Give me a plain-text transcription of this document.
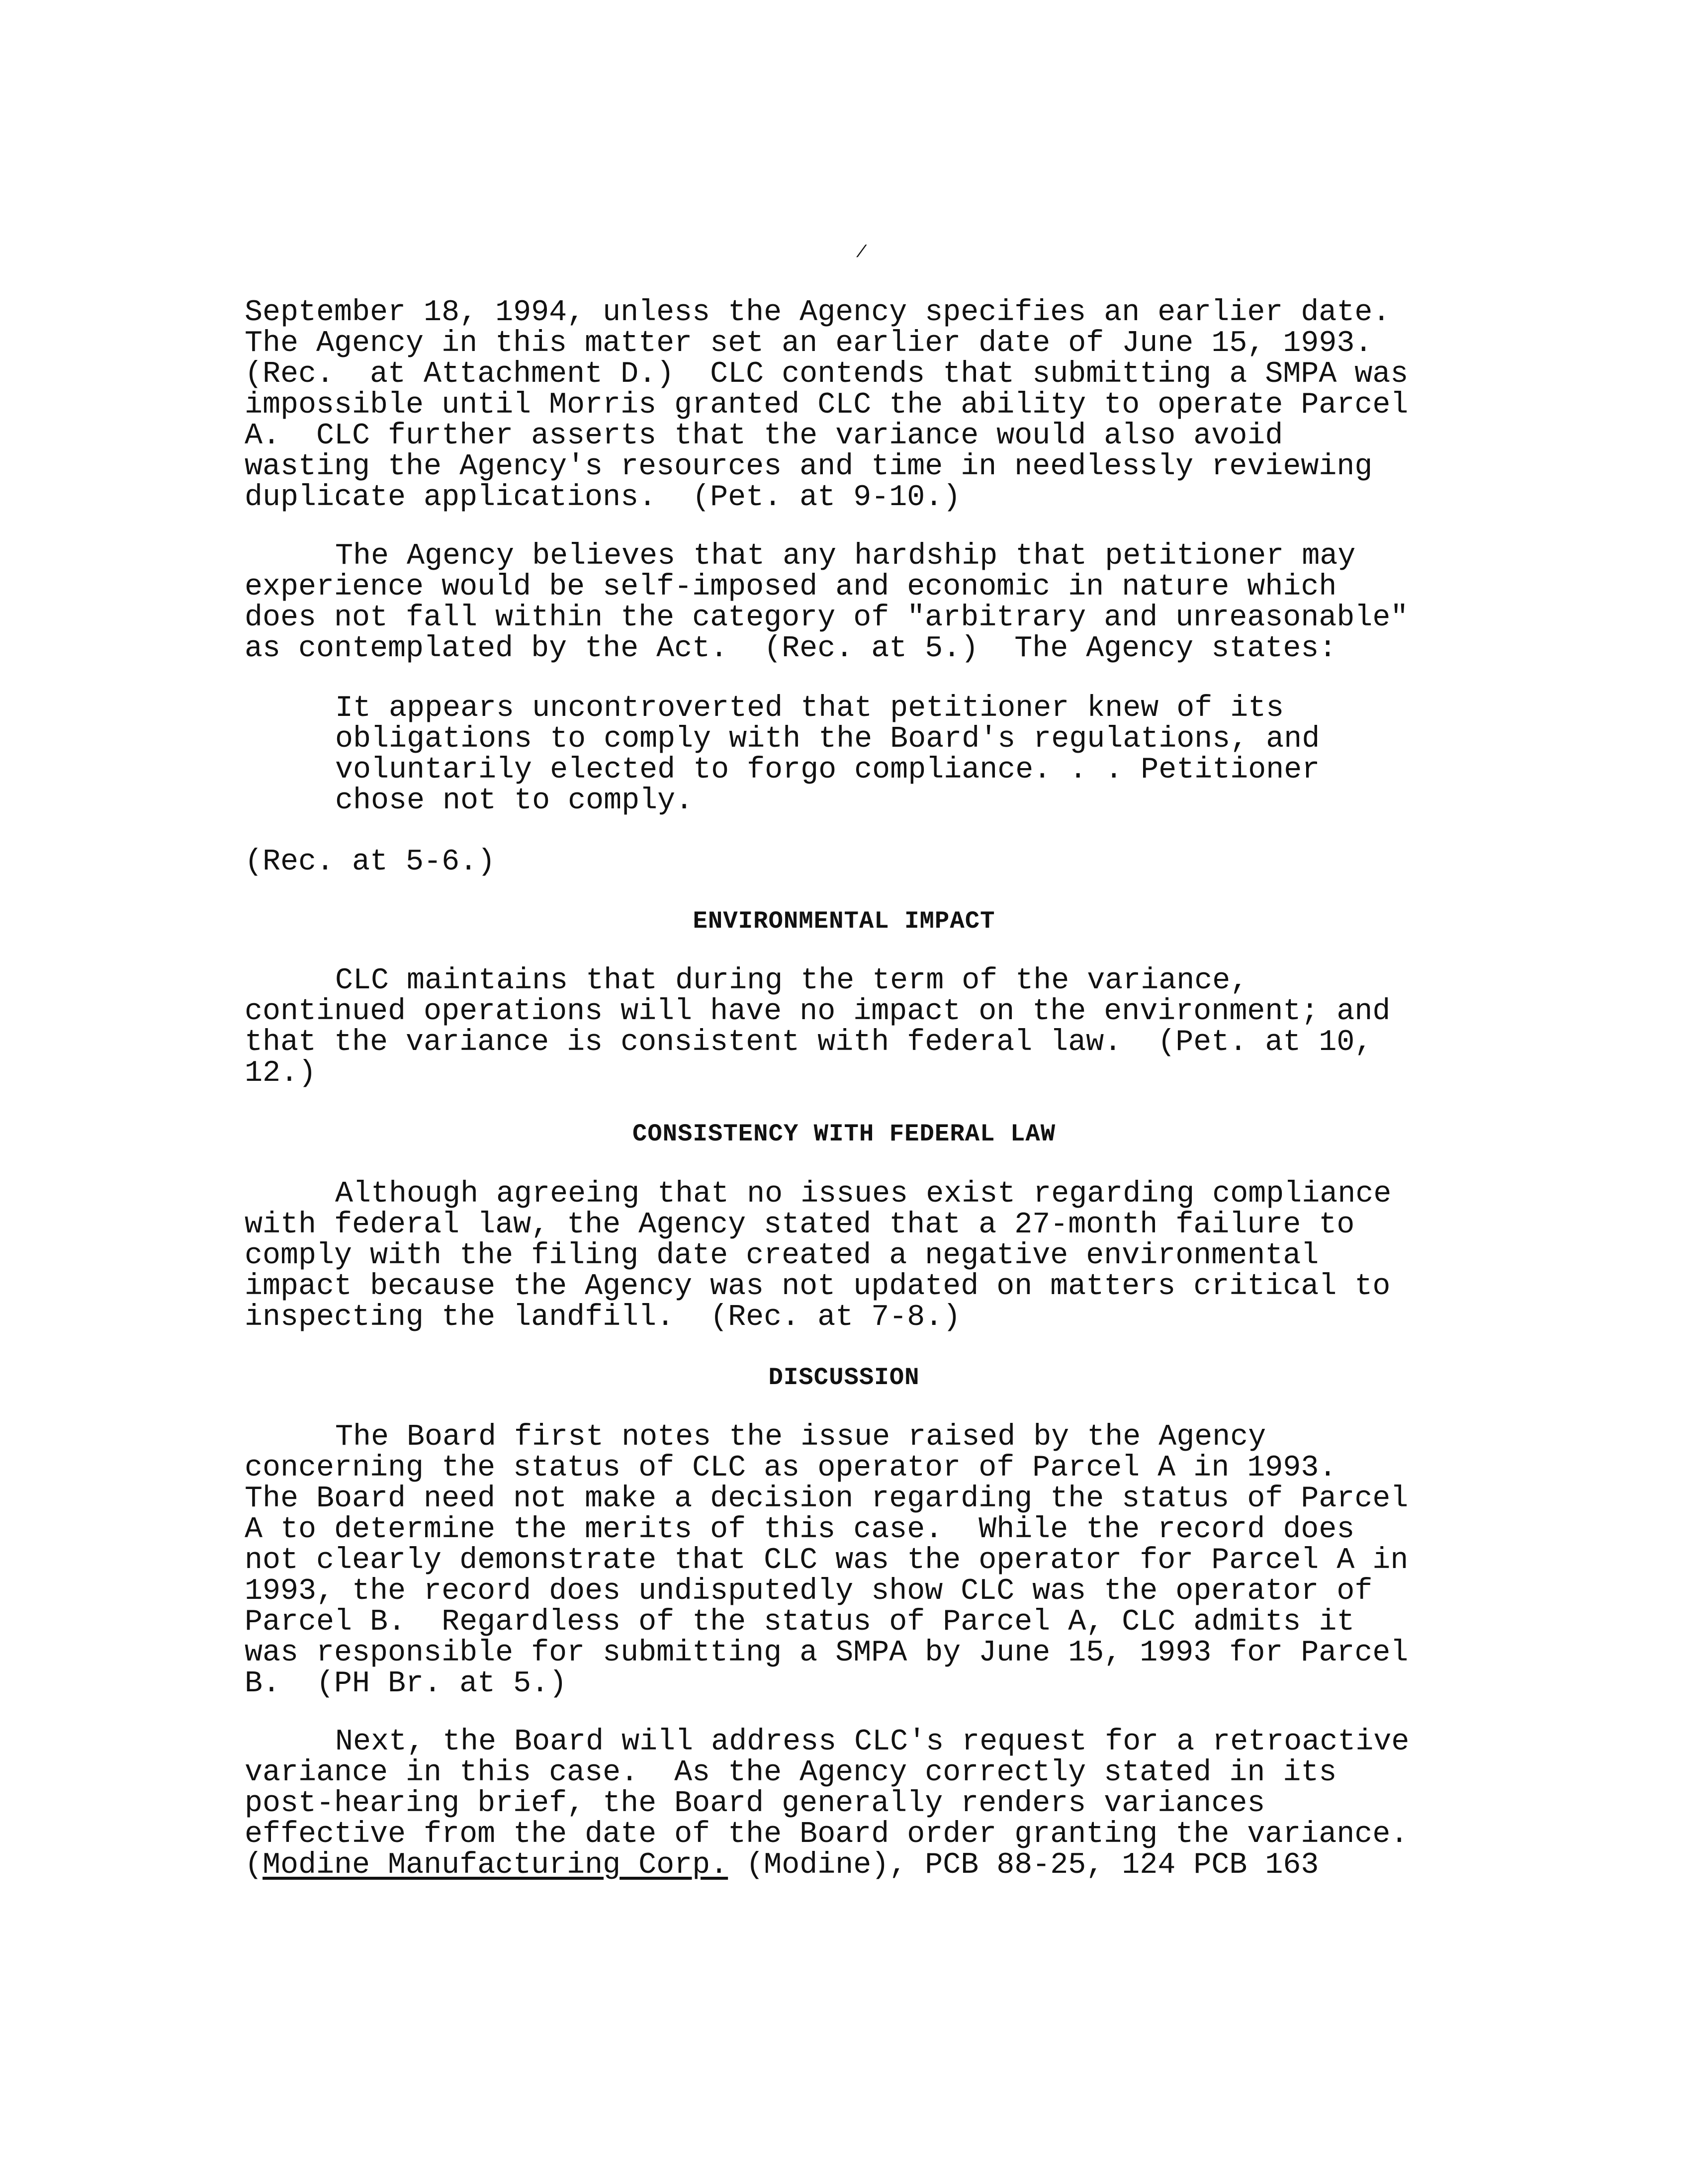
/
September 18, 1994, unless the Agency specifies an earlier date.
The Agency in this matter set an earlier date of June 15, 1993.
(Rec.  at Attachment D.)  CLC contends that submitting a SMPA was
impossible until Morris granted CLC the ability to operate Parcel
A.  CLC further asserts that the variance would also avoid
wasting the Agency's resources and time in needlessly reviewing
duplicate applications.  (Pet. at 9-10.)
The Agency believes that any hardship that petitioner may
experience would be self-imposed and economic in nature which
does not fall within the category of "arbitrary and unreasonable"
as contemplated by the Act.  (Rec. at 5.)  The Agency states:
It appears uncontroverted that petitioner knew of its
obligations to comply with the Board's regulations, and
voluntarily elected to forgo compliance. . . Petitioner
chose not to comply.
(Rec. at 5-6.)
ENVIRONMENTAL IMPACT
CLC maintains that during the term of the variance,
continued operations will have no impact on the environment; and
that the variance is consistent with federal law.  (Pet. at 10,
12.)
CONSISTENCY WITH FEDERAL LAW
Although agreeing that no issues exist regarding compliance
with federal law, the Agency stated that a 27-month failure to
comply with the filing date created a negative environmental
impact because the Agency was not updated on matters critical to
inspecting the landfill.  (Rec. at 7-8.)
DISCUSSION
The Board first notes the issue raised by the Agency
concerning the status of CLC as operator of Parcel A in 1993.
The Board need not make a decision regarding the status of Parcel
A to determine the merits of this case.  While the record does
not clearly demonstrate that CLC was the operator for Parcel A in
1993, the record does undisputedly show CLC was the operator of
Parcel B.  Regardless of the status of Parcel A, CLC admits it
was responsible for submitting a SMPA by June 15, 1993 for Parcel
B.  (PH Br. at 5.)
Next, the Board will address CLC's request for a retroactive
variance in this case.  As the Agency correctly stated in its
post-hearing brief, the Board generally renders variances
effective from the date of the Board order granting the variance.
(Modine Manufacturing Corp. (Modine), PCB 88-25, 124 PCB 163
